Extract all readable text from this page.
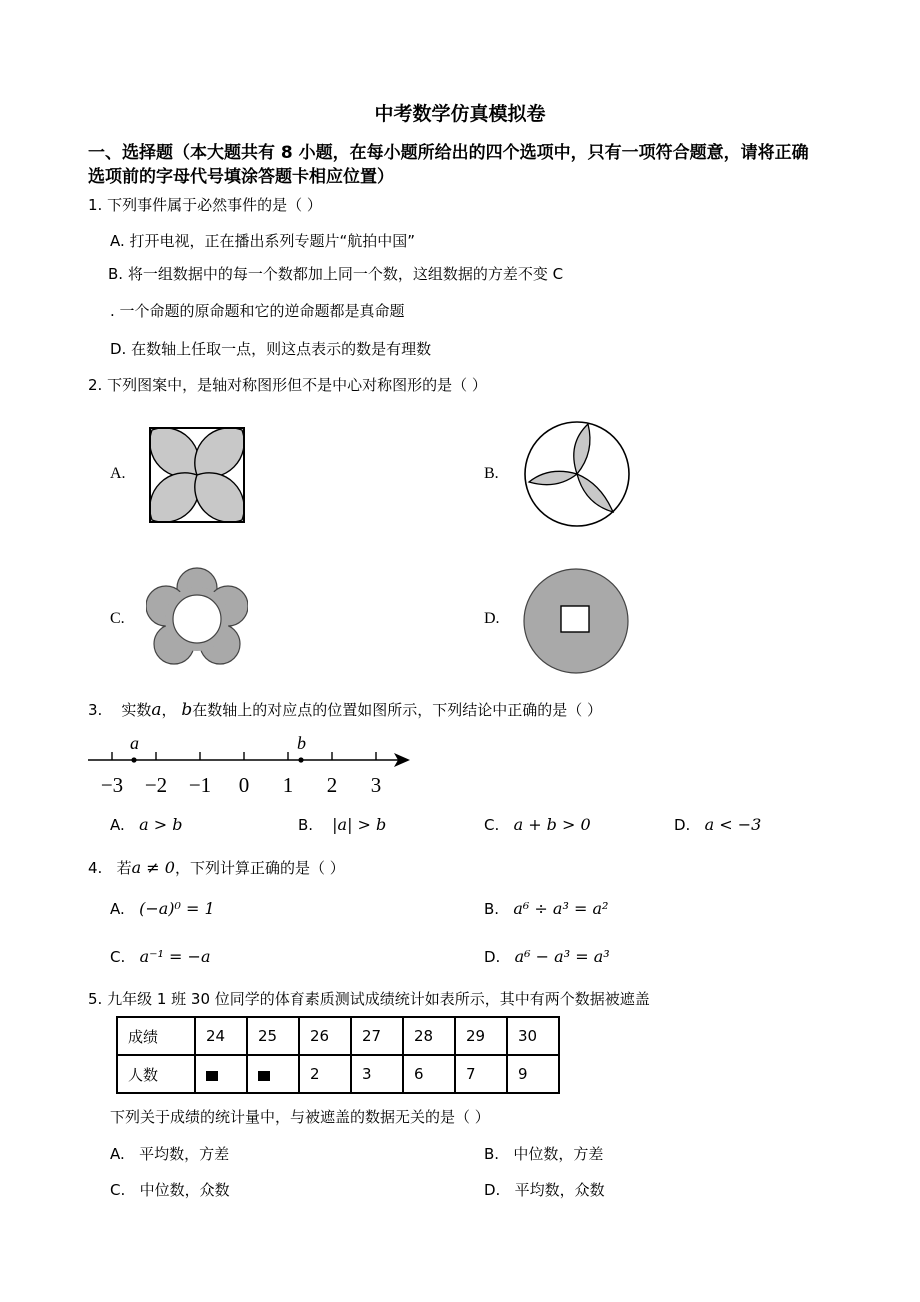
中考数学仿真模拟卷
一、选择题（本大题共有 8 小题，在每小题所给出的四个选项中，只有一项符合题意，请将正确
选项前的字母代号填涂答题卡相应位置）
1. 下列事件属于必然事件的是（ ）
A. 打开电视，正在播出系列专题片“航拍中国”
B. 将一组数据中的每一个数都加上同一个数，这组数据的方差不变 C
. 一个命题的原命题和它的逆命题都是真命题
D. 在数轴上任取一点，则这点表示的数是有理数
2. 下列图案中，是轴对称图形但不是中心对称图形的是（ ）
A.	B.
C.	D.
3. 实数a， b在数轴上的对应点的位置如图所示，下列结论中正确的是（ ）
a	b
−3 −2 −1 0 1 2 3
A. a > b	B. |a| > b	C. a + b > 0	D. a < −3
4. 若a ≠ 0，下列计算正确的是（ ）
A. (−a)⁰ = 1	B. a⁶ ÷ a³ = a²
C. a⁻¹ = −a	D. a⁶ − a³ = a³
5. 九年级 1 班 30 位同学的体育素质测试成绩统计如表所示，其中有两个数据被遮盖
成绩	24	25	26	27	28	29	30
人数			2	3	6	7	9
下列关于成绩的统计量中，与被遮盖的数据无关的是（ ）
A. 平均数，方差	B. 中位数，方差
C. 中位数，众数	D. 平均数，众数
